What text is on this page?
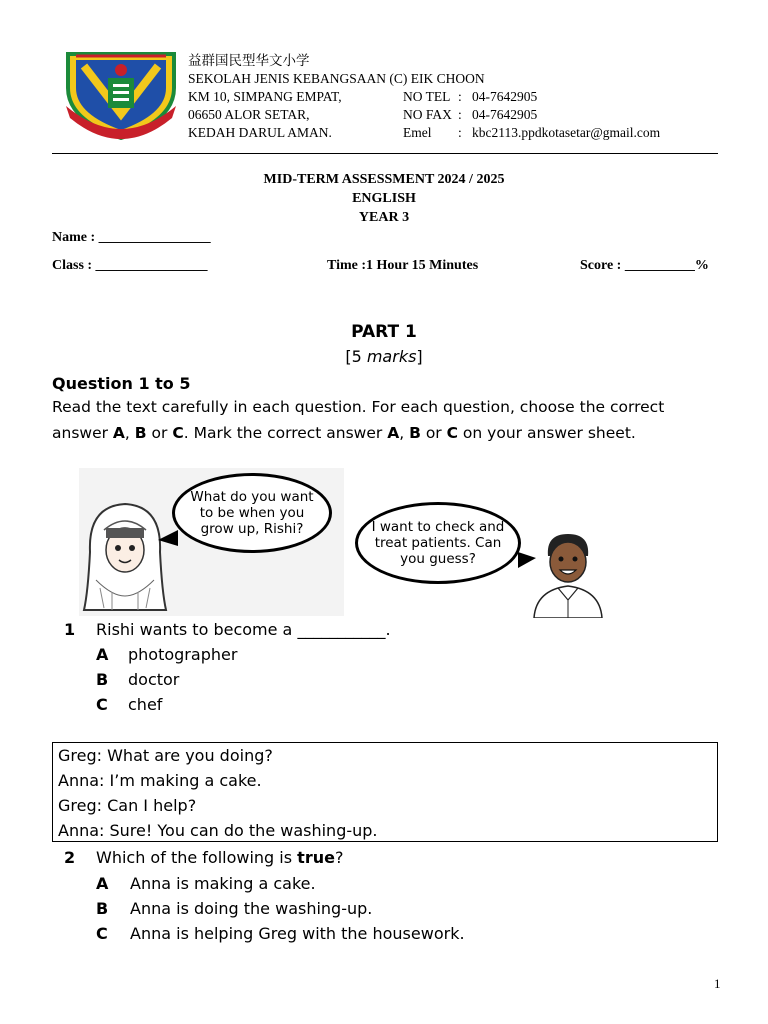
益群国民型华文小学
SEKOLAH JENIS KEBANGSAAN (C) EIK CHOON
KM 10, SIMPANG EMPAT,
06650 ALOR SETAR,
KEDAH DARUL AMAN.
NO TEL : 04-7642905
NO FAX : 04-7642905
Emel : kbc2113.ppdkotasetar@gmail.com
MID-TERM ASSESSMENT 2024 / 2025
ENGLISH
YEAR 3
Name : ________________
Class : ________________	Time :1 Hour 15 Minutes	Score : __________%
PART 1
[5 marks]
Question 1 to 5
Read the text carefully in each question. For each question, choose the correct
answer A, B or C. Mark the correct answer A, B or C on your answer sheet.
What do you want to be when you grow up, Rishi?	I want to check and treat patients. Can you guess?
1 Rishi wants to become a ___________.
A photographer
B doctor
C chef
Greg: What are you doing?
Anna: I’m making a cake.
Greg: Can I help?
Anna: Sure! You can do the washing-up.
2 Which of the following is true?
A Anna is making a cake.
B Anna is doing the washing-up.
C Anna is helping Greg with the housework.
1
